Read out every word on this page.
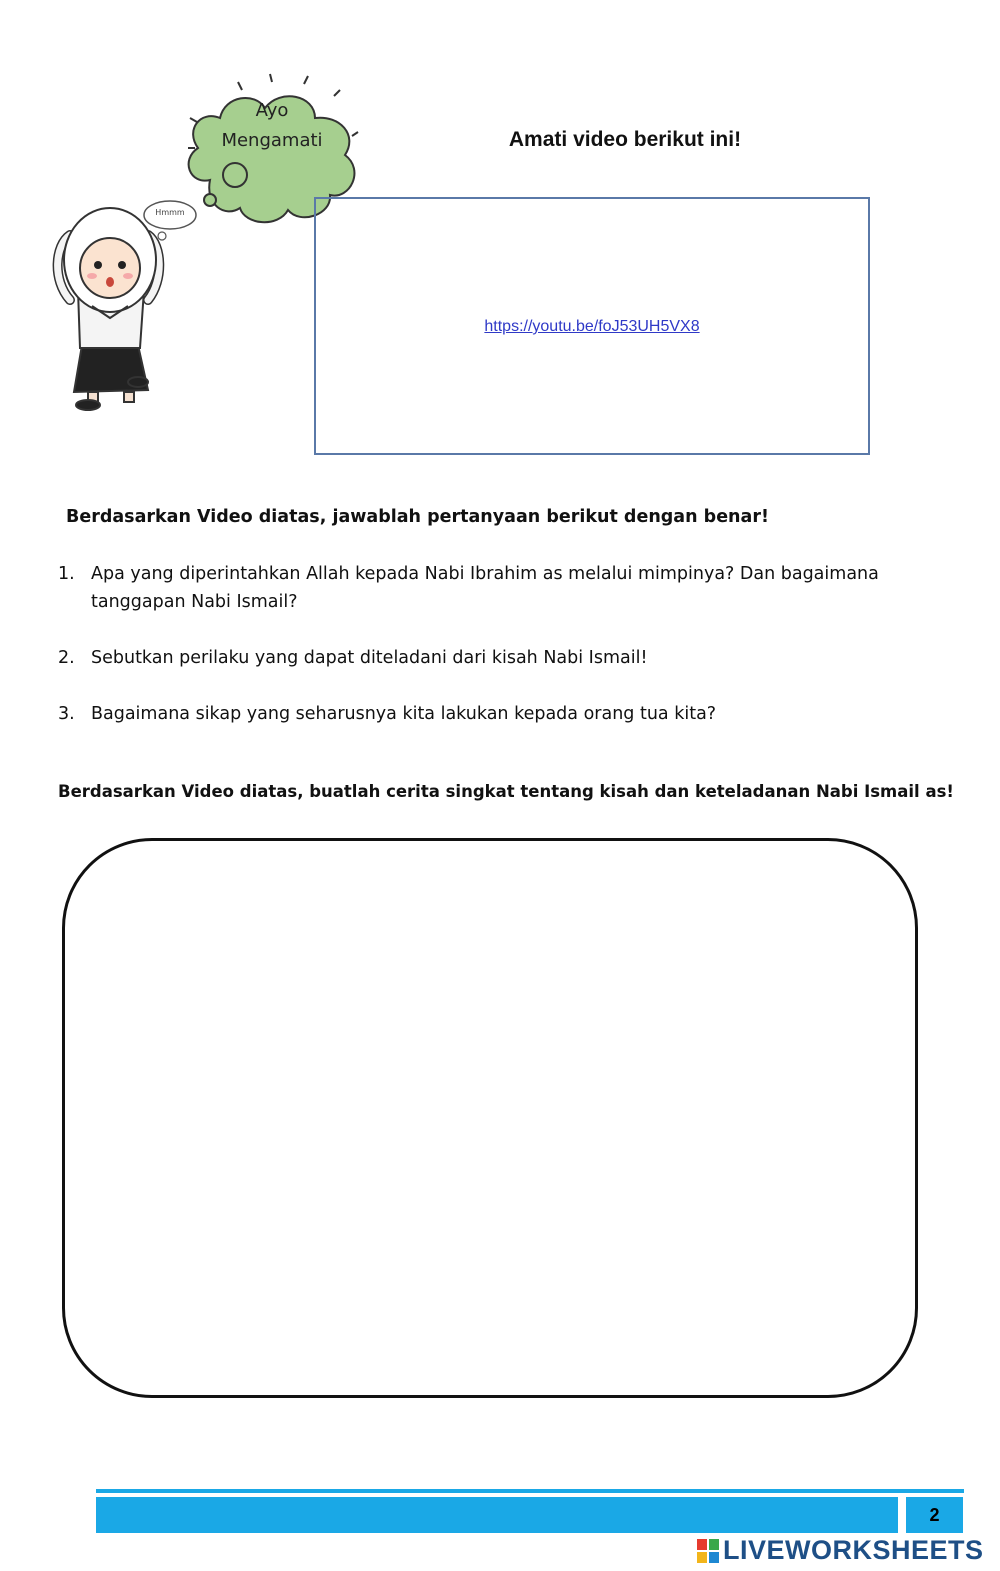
Ayo
Mengamati
Hmmm
Amati video berikut ini!
https://youtu.be/foJ53UH5VX8
Berdasarkan Video diatas, jawablah pertanyaan berikut dengan benar!
1. Apa yang diperintahkan Allah kepada Nabi Ibrahim as melalui mimpinya? Dan bagaimana tanggapan Nabi Ismail?
2. Sebutkan perilaku yang dapat diteladani dari kisah Nabi Ismail!
3. Bagaimana sikap yang seharusnya kita lakukan kepada orang tua kita?
Berdasarkan Video diatas, buatlah cerita singkat tentang kisah dan keteladanan Nabi Ismail as!
2
LIVEWORKSHEETS
